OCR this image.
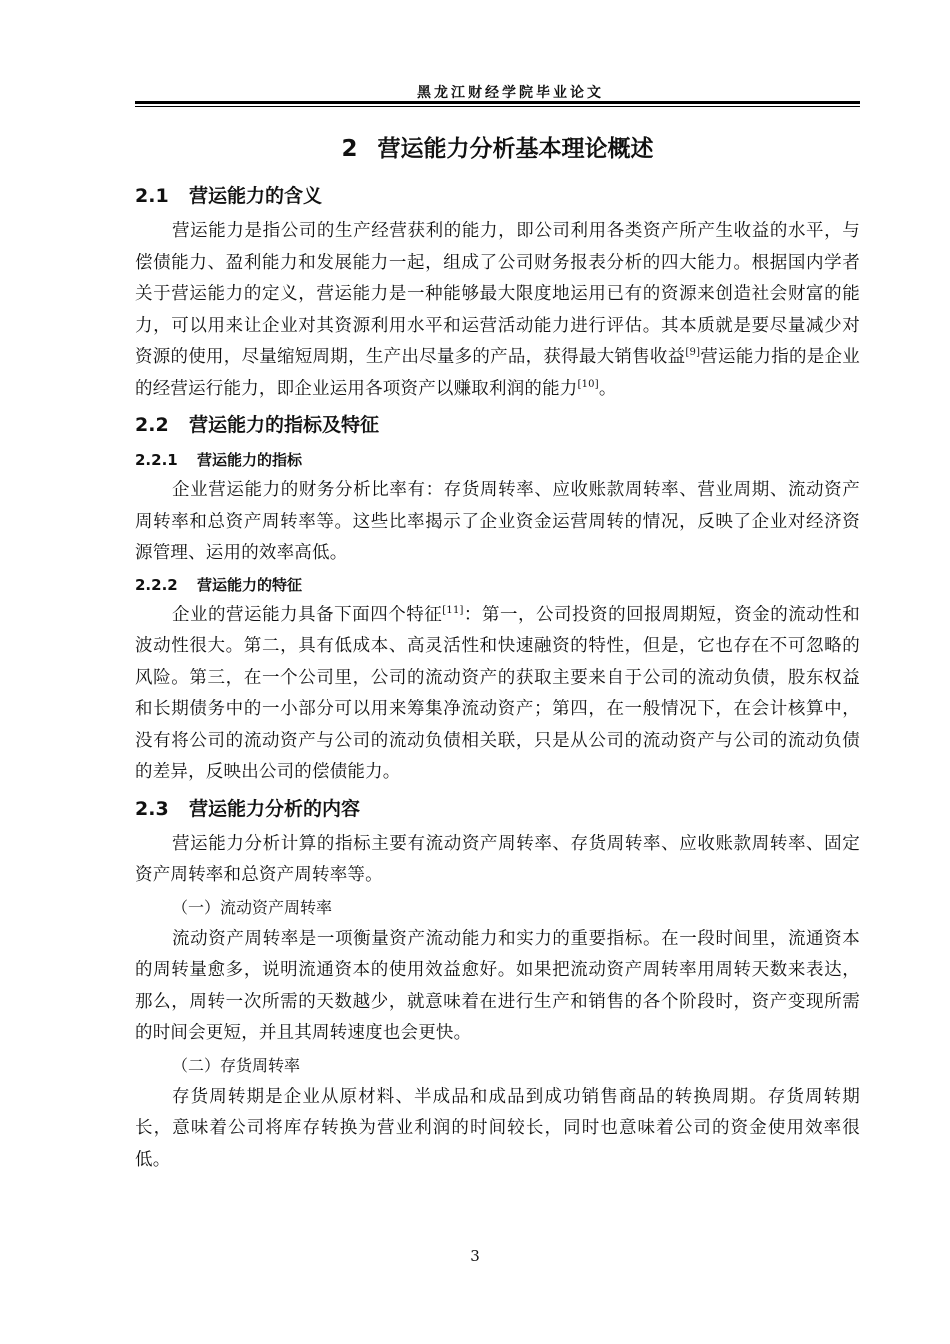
黑龙江财经学院毕业论文
2 营运能力分析基本理论概述
2.1 营运能力的含义

营运能力是指公司的生产经营获利的能力，即公司利用各类资产所产生收益的水平，与偿债能力、盈利能力和发展能力一起，组成了公司财务报表分析的四大能力。根据国内学者关于营运能力的定义，营运能力是一种能够最大限度地运用已有的资源来创造社会财富的能力，可以用来让企业对其资源利用水平和运营活动能力进行评估。其本质就是要尽量减少对资源的使用，尽量缩短周期，生产出尽量多的产品，获得最大销售收益[9]营运能力指的是企业的经营运行能力，即企业运用各项资产以赚取利润的能力[10]。

2.2 营运能力的指标及特征
2.2.1 营运能力的指标

企业营运能力的财务分析比率有：存货周转率、应收账款周转率、营业周期、流动资产周转率和总资产周转率等。这些比率揭示了企业资金运营周转的情况，反映了企业对经济资源管理、运用的效率高低。

2.2.2 营运能力的特征

企业的营运能力具备下面四个特征[11]：第一，公司投资的回报周期短，资金的流动性和波动性很大。第二，具有低成本、高灵活性和快速融资的特性，但是，它也存在不可忽略的风险。第三，在一个公司里，公司的流动资产的获取主要来自于公司的流动负债，股东权益和长期债务中的一小部分可以用来筹集净流动资产；第四，在一般情况下，在会计核算中，没有将公司的流动资产与公司的流动负债相关联，只是从公司的流动资产与公司的流动负债的差异，反映出公司的偿债能力。

2.3 营运能力分析的内容

营运能力分析计算的指标主要有流动资产周转率、存货周转率、应收账款周转率、固定资产周转率和总资产周转率等。

（一）流动资产周转率

流动资产周转率是一项衡量资产流动能力和实力的重要指标。在一段时间里，流通资本的周转量愈多，说明流通资本的使用效益愈好。如果把流动资产周转率用周转天数来表达，那么，周转一次所需的天数越少，就意味着在进行生产和销售的各个阶段时，资产变现所需的时间会更短，并且其周转速度也会更快。

（二）存货周转率

存货周转期是企业从原材料、半成品和成品到成功销售商品的转换周期。存货周转期长，意味着公司将库存转换为营业利润的时间较长，同时也意味着公司的资金使用效率很低。

3
